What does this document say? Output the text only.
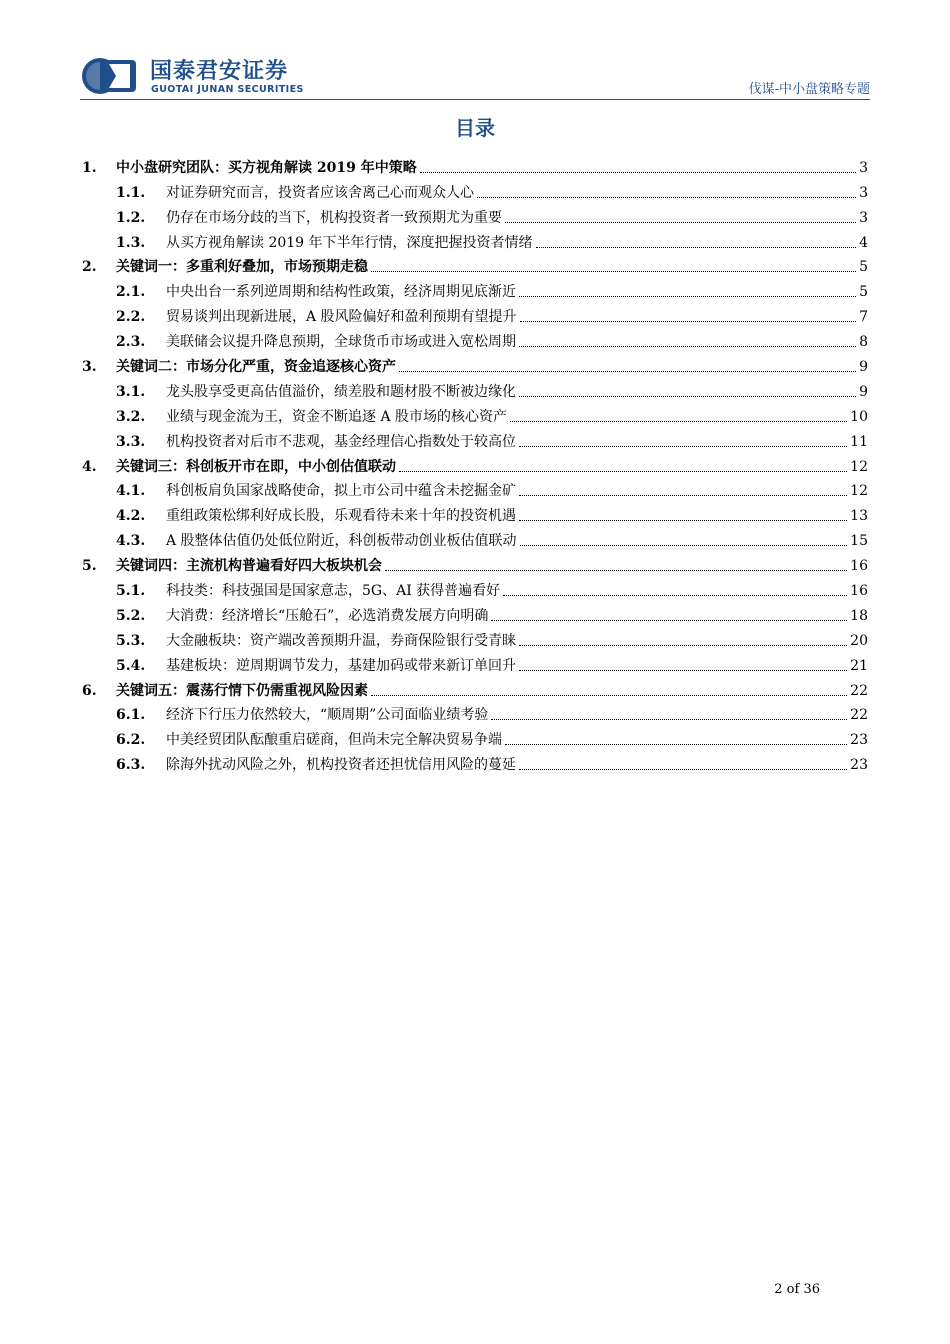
国泰君安证券
GUOTAI JUNAN SECURITIES	伐谋-中小盘策略专题
目录
1.	中小盘研究团队：买方视角解读 2019 年中策略	3
1.1.	对证券研究而言，投资者应该舍离己心而观众人心	3
1.2.	仍存在市场分歧的当下，机构投资者一致预期尤为重要	3
1.3.	从买方视角解读 2019 年下半年行情，深度把握投资者情绪	4
2.	关键词一：多重利好叠加，市场预期走稳	5
2.1.	中央出台一系列逆周期和结构性政策，经济周期见底渐近	5
2.2.	贸易谈判出现新进展，A 股风险偏好和盈利预期有望提升	7
2.3.	美联储会议提升降息预期，全球货币市场或进入宽松周期	8
3.	关键词二：市场分化严重，资金追逐核心资产	9
3.1.	龙头股享受更高估值溢价，绩差股和题材股不断被边缘化	9
3.2.	业绩与现金流为王，资金不断追逐 A 股市场的核心资产	10
3.3.	机构投资者对后市不悲观，基金经理信心指数处于较高位	11
4.	关键词三：科创板开市在即，中小创估值联动	12
4.1.	科创板肩负国家战略使命，拟上市公司中蕴含未挖掘金矿	12
4.2.	重组政策松绑利好成长股，乐观看待未来十年的投资机遇	13
4.3.	A 股整体估值仍处低位附近，科创板带动创业板估值联动	15
5.	关键词四：主流机构普遍看好四大板块机会	16
5.1.	科技类：科技强国是国家意志，5G、AI 获得普遍看好	16
5.2.	大消费：经济增长“压舱石”，必选消费发展方向明确	18
5.3.	大金融板块：资产端改善预期升温，券商保险银行受青睐	20
5.4.	基建板块：逆周期调节发力，基建加码或带来新订单回升	21
6.	关键词五：震荡行情下仍需重视风险因素	22
6.1.	经济下行压力依然较大，“顺周期”公司面临业绩考验	22
6.2.	中美经贸团队酝酿重启磋商，但尚未完全解决贸易争端	23
6.3.	除海外扰动风险之外，机构投资者还担忧信用风险的蔓延	23
2 of 36
